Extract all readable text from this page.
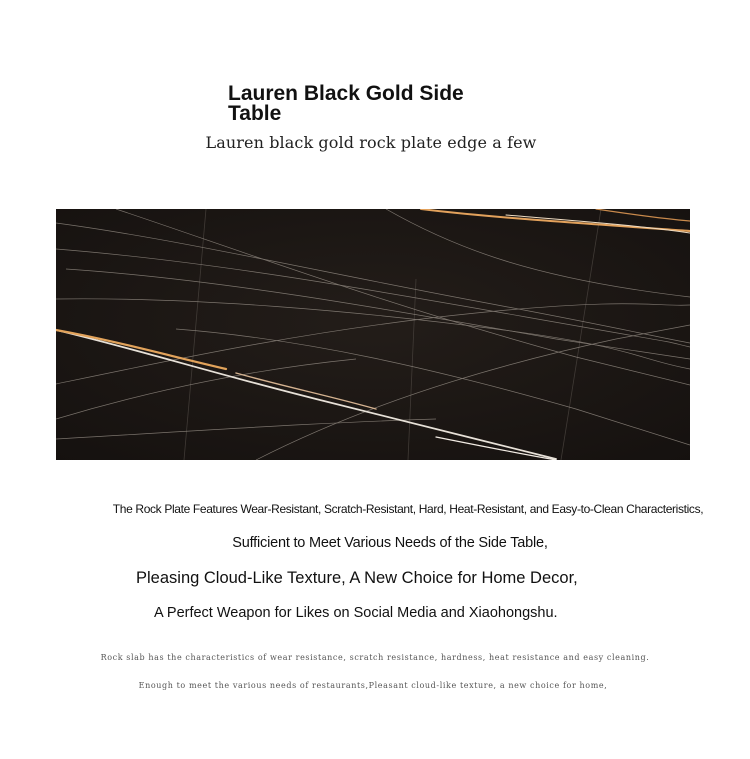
Lauren Black Gold Side Table
Lauren black gold rock plate edge a few
The Rock Plate Features Wear-Resistant, Scratch-Resistant, Hard, Heat-Resistant, and Easy-to-Clean Characteristics,
Sufficient to Meet Various Needs of the Side Table,
Pleasing Cloud-Like Texture, A New Choice for Home Decor,
A Perfect Weapon for Likes on Social Media and Xiaohongshu.
Rock slab has the characteristics of wear resistance, scratch resistance, hardness, heat resistance and easy cleaning.
Enough to meet the various needs of restaurants,Pleasant cloud-like texture, a new choice for home,
